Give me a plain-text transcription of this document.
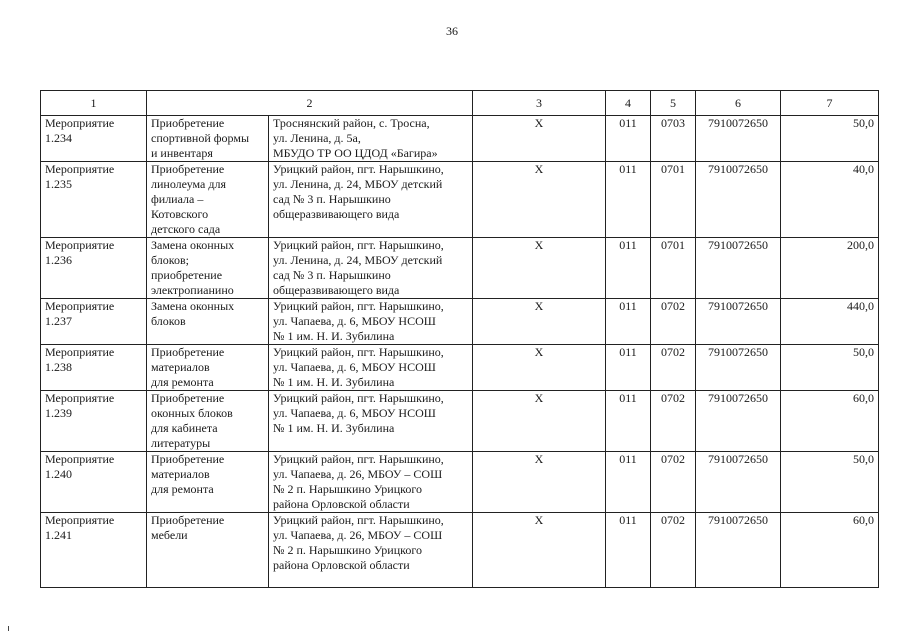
36
1	2		3	4	5	6	7

Мероприятие
1.234	Приобретение
спортивной формы
и инвентаря	Троснянский район, с. Тросна,
ул. Ленина, д. 5а,
МБУДО ТР ОО ЦДОД «Багира»	Х	011	0703	7910072650	50,0

Мероприятие
1.235	Приобретение
линолеума для
филиала –
Котовского
детского сада	Урицкий район, пгт. Нарышкино,
ул. Ленина, д. 24, МБОУ детский
сад № 3 п. Нарышкино
общеразвивающего вида	Х	011	0701	7910072650	40,0

Мероприятие
1.236	Замена оконных
блоков;
приобретение
электропианино	Урицкий район, пгт. Нарышкино,
ул. Ленина, д. 24, МБОУ детский
сад № 3 п. Нарышкино
общеразвивающего вида	Х	011	0701	7910072650	200,0

Мероприятие
1.237	Замена оконных
блоков	Урицкий район, пгт. Нарышкино,
ул. Чапаева, д. 6, МБОУ НСОШ
№ 1 им. Н. И. Зубилина	Х	011	0702	7910072650	440,0

Мероприятие
1.238	Приобретение
материалов
для ремонта	Урицкий район, пгт. Нарышкино,
ул. Чапаева, д. 6, МБОУ НСОШ
№ 1 им. Н. И. Зубилина	Х	011	0702	7910072650	50,0

Мероприятие
1.239	Приобретение
оконных блоков
для кабинета
литературы	Урицкий район, пгт. Нарышкино,
ул. Чапаева, д. 6, МБОУ НСОШ
№ 1 им. Н. И. Зубилина	Х	011	0702	7910072650	60,0

Мероприятие
1.240	Приобретение
материалов
для ремонта	Урицкий район, пгт. Нарышкино,
ул. Чапаева, д. 26, МБОУ – СОШ
№ 2 п. Нарышкино Урицкого
района Орловской области	Х	011	0702	7910072650	50,0

Мероприятие
1.241	Приобретение
мебели	Урицкий район, пгт. Нарышкино,
ул. Чапаева, д. 26, МБОУ – СОШ
№ 2 п. Нарышкино Урицкого
района Орловской области	Х	011	0702	7910072650	60,0
